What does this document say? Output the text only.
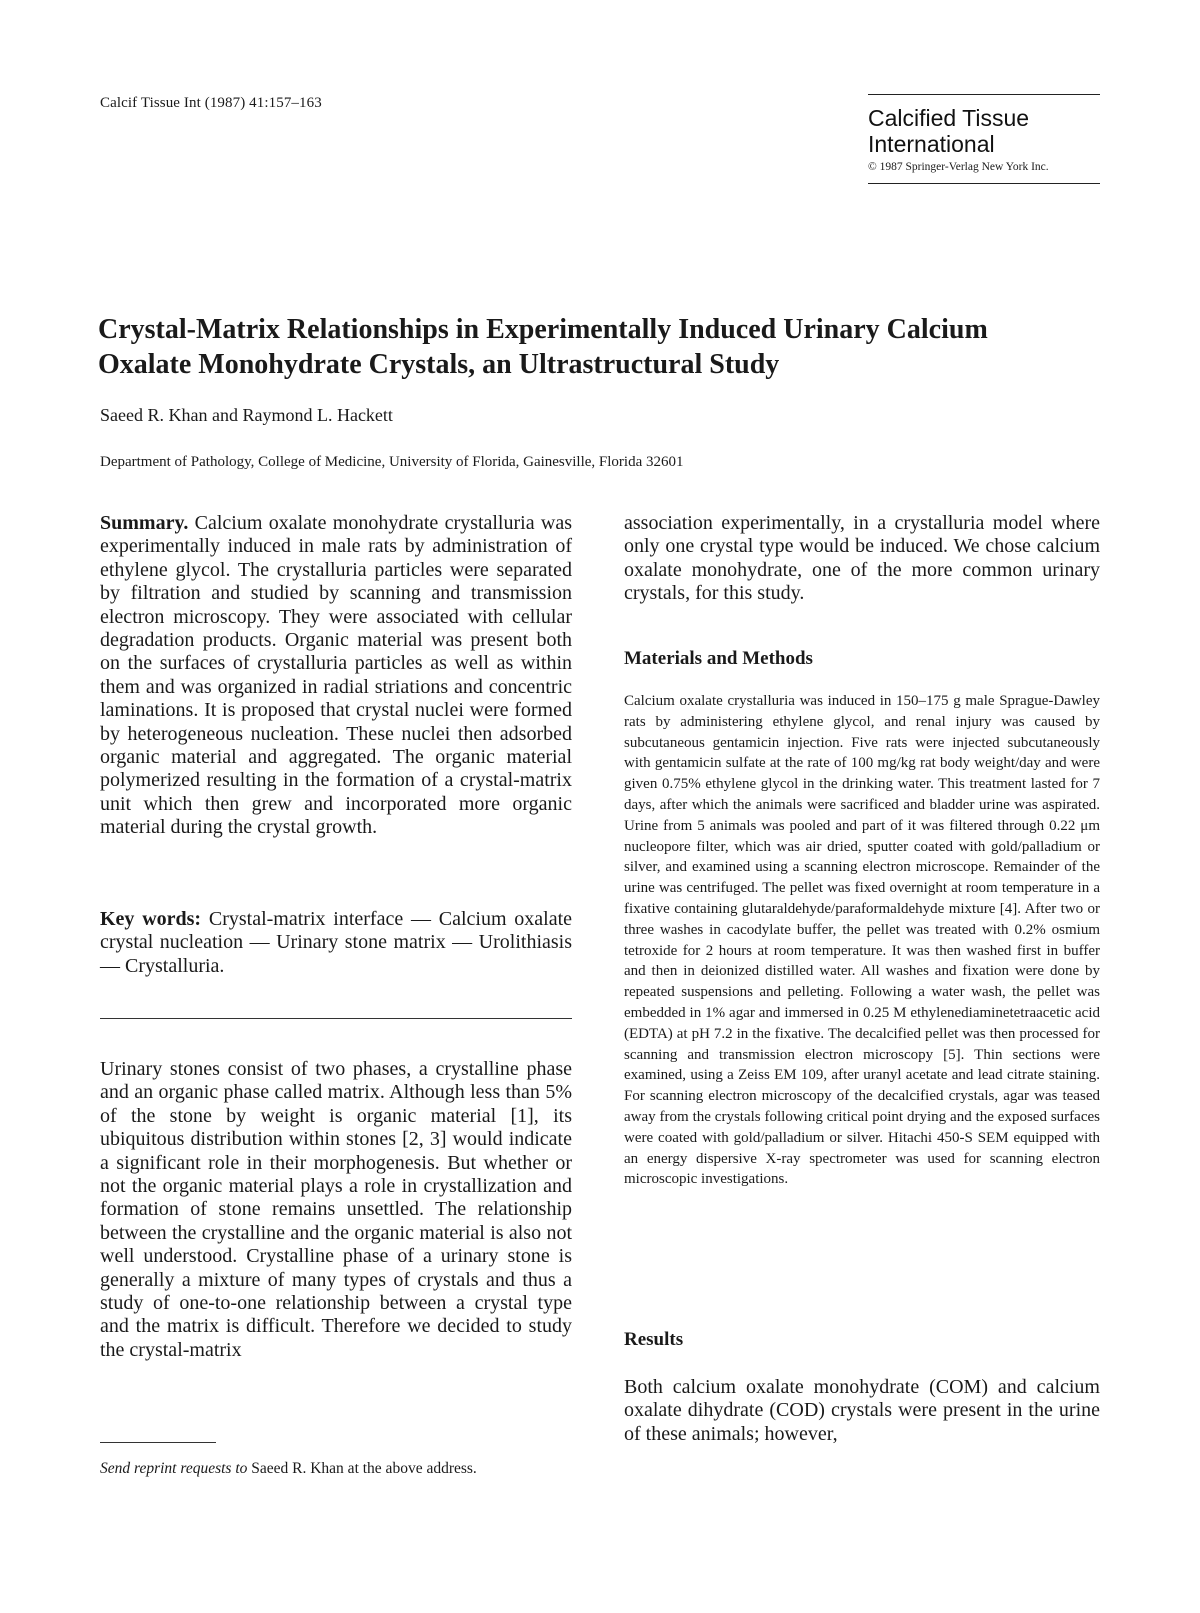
Calcif Tissue Int (1987) 41:157–163
Calcified Tissue
International
© 1987 Springer-Verlag New York Inc.
Crystal-Matrix Relationships in Experimentally Induced Urinary Calcium
Oxalate Monohydrate Crystals, an Ultrastructural Study
Saeed R. Khan and Raymond L. Hackett
Department of Pathology, College of Medicine, University of Florida, Gainesville, Florida 32601

Summary. Calcium oxalate monohydrate crystalluria was experimentally induced in male rats by administration of ethylene glycol. The crystalluria particles were separated by filtration and studied by scanning and transmission electron microscopy. They were associated with cellular degradation products. Organic material was present both on the surfaces of crystalluria particles as well as within them and was organized in radial striations and concentric laminations. It is proposed that crystal nuclei were formed by heterogeneous nucleation. These nuclei then adsorbed organic material and aggregated. The organic material polymerized resulting in the formation of a crystal-matrix unit which then grew and incorporated more organic material during the crystal growth.

Key words: Crystal-matrix interface — Calcium oxalate crystal nucleation — Urinary stone matrix — Urolithiasis — Crystalluria.

Urinary stones consist of two phases, a crystalline phase and an organic phase called matrix. Although less than 5% of the stone by weight is organic material [1], its ubiquitous distribution within stones [2, 3] would indicate a significant role in their morphogenesis. But whether or not the organic material plays a role in crystallization and formation of stone remains unsettled. The relationship between the crystalline and the organic material is also not well understood. Crystalline phase of a urinary stone is generally a mixture of many types of crystals and thus a study of one-to-one relationship between a crystal type and the matrix is difficult. Therefore we decided to study the crystal-matrix

Send reprint requests to Saeed R. Khan at the above address.

association experimentally, in a crystalluria model where only one crystal type would be induced. We chose calcium oxalate monohydrate, one of the more common urinary crystals, for this study.

Materials and Methods

Calcium oxalate crystalluria was induced in 150–175 g male Sprague-Dawley rats by administering ethylene glycol, and renal injury was caused by subcutaneous gentamicin injection. Five rats were injected subcutaneously with gentamicin sulfate at the rate of 100 mg/kg rat body weight/day and were given 0.75% ethylene glycol in the drinking water. This treatment lasted for 7 days, after which the animals were sacrificed and bladder urine was aspirated. Urine from 5 animals was pooled and part of it was filtered through 0.22 μm nucleopore filter, which was air dried, sputter coated with gold/palladium or silver, and examined using a scanning electron microscope. Remainder of the urine was centrifuged. The pellet was fixed overnight at room temperature in a fixative containing glutaraldehyde/paraformaldehyde mixture [4]. After two or three washes in cacodylate buffer, the pellet was treated with 0.2% osmium tetroxide for 2 hours at room temperature. It was then washed first in buffer and then in deionized distilled water. All washes and fixation were done by repeated suspensions and pelleting. Following a water wash, the pellet was embedded in 1% agar and immersed in 0.25 M ethylenediaminetetraacetic acid (EDTA) at pH 7.2 in the fixative. The decalcified pellet was then processed for scanning and transmission electron microscopy [5]. Thin sections were examined, using a Zeiss EM 109, after uranyl acetate and lead citrate staining. For scanning electron microscopy of the decalcified crystals, agar was teased away from the crystals following critical point drying and the exposed surfaces were coated with gold/palladium or silver. Hitachi 450-S SEM equipped with an energy dispersive X-ray spectrometer was used for scanning electron microscopic investigations.

Results

Both calcium oxalate monohydrate (COM) and calcium oxalate dihydrate (COD) crystals were present in the urine of these animals; however,
